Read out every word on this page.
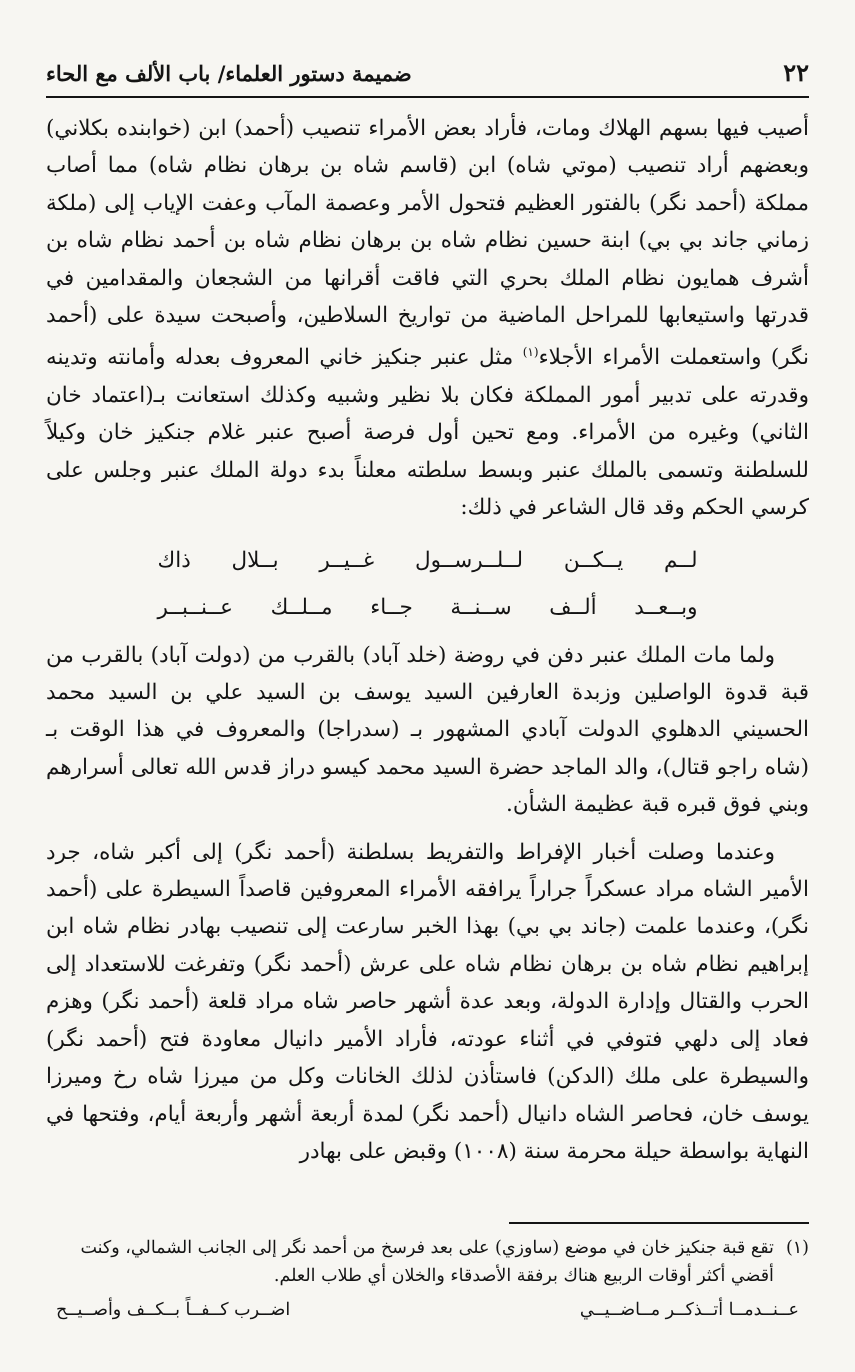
٢٢
ضميمة دستور العلماء/ باب الألف مع الحاء

أصيب فيها بسهم الهلاك ومات، فأراد بعض الأمراء تنصيب (أحمد) ابن (خوابنده بكلاني) وبعضهم أراد تنصيب (موتي شاه) ابن (قاسم شاه بن برهان نظام شاه) مما أصاب مملكة (أحمد نگر) بالفتور العظيم فتحول الأمر وعصمة المآب وعفت الإياب إلى (ملكة زماني جاند بي بي) ابنة حسين نظام شاه بن برهان نظام شاه بن أحمد نظام شاه بن أشرف همايون نظام الملك بحري التي فاقت أقرانها من الشجعان والمقدامين في قدرتها واستيعابها للمراحل الماضية من تواريخ السلاطين، وأصبحت سيدة على (أحمد نگر) واستعملت الأمراء الأجلاء$^{(١)}$ مثل عنبر جنكيز خاني المعروف بعدله وأمانته وتدينه وقدرته على تدبير أمور المملكة فكان بلا نظير وشبيه وكذلك استعانت بـ(اعتماد خان الثاني) وغيره من الأمراء. ومع تحين أول فرصة أصبح عنبر غلام جنكيز خان وكيلاً للسلطنة وتسمى بالملك عنبر وبسط سلطته معلناً بدء دولة الملك عنبر وجلس على كرسي الحكم وقد قال الشاعر في ذلك:

لــم يــكــن لــلــرســول غــيــر بــلال ذاك
وبــعــد ألــف ســنــة جــاء مــلــك عــنــبــر

ولما مات الملك عنبر دفن في روضة (خلد آباد) بالقرب من (دولت آباد) بالقرب من قبة قدوة الواصلين وزبدة العارفين السيد يوسف بن السيد علي بن السيد محمد الحسيني الدهلوي الدولت آبادي المشهور بـ (سدراجا) والمعروف في هذا الوقت بـ (شاه راجو قتال)، والد الماجد حضرة السيد محمد كيسو دراز قدس الله تعالى أسرارهم وبني فوق قبره قبة عظيمة الشأن.

وعندما وصلت أخبار الإفراط والتفريط بسلطنة (أحمد نگر) إلى أكبر شاه، جرد الأمير الشاه مراد عسكراً جراراً يرافقه الأمراء المعروفين قاصداً السيطرة على (أحمد نگر)، وعندما علمت (جاند بي بي) بهذا الخبر سارعت إلى تنصيب بهادر نظام شاه ابن إبراهيم نظام شاه بن برهان نظام شاه على عرش (أحمد نگر) وتفرغت للاستعداد إلى الحرب والقتال وإدارة الدولة، وبعد عدة أشهر حاصر شاه مراد قلعة (أحمد نگر) وهزم فعاد إلى دلهي فتوفي في أثناء عودته، فأراد الأمير دانيال معاودة فتح (أحمد نگر) والسيطرة على ملك (الدكن) فاستأذن لذلك الخانات وكل من ميرزا شاه رخ وميرزا يوسف خان، فحاصر الشاه دانيال (أحمد نگر) لمدة أربعة أشهر وأربعة أيام، وفتحها في النهاية بواسطة حيلة محرمة سنة (١٠٠٨) وقبض على بهادر

(١)
تقع قبة جنكيز خان في موضع (ساوزي) على بعد فرسخ من أحمد نگر إلى الجانب الشمالي، وكنت أقضي أكثر أوقات الربيع هناك برفقة الأصدقاء والخلان أي طلاب العلم.
عــنــدمــا أتــذكــر مــاضــيــي
اضــرب كــفــاً بــكــف وأصــيــح
